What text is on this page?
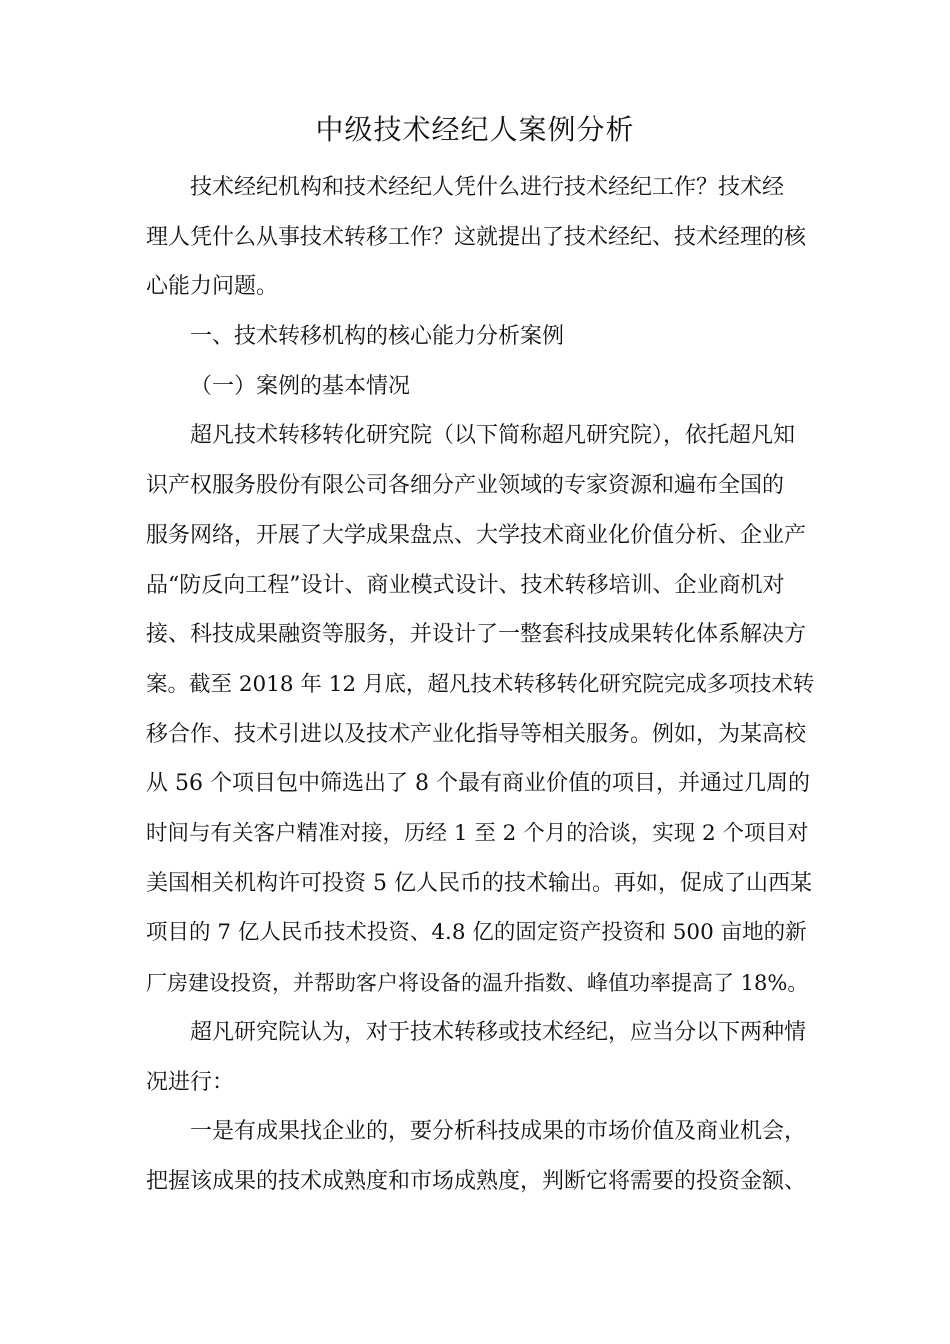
中级技术经纪人案例分析
技术经纪机构和技术经纪人凭什么进行技术经纪工作？技术经
理人凭什么从事技术转移工作？这就提出了技术经纪、技术经理的核
心能力问题。
一、技术转移机构的核心能力分析案例
（一）案例的基本情况
超凡技术转移转化研究院（以下简称超凡研究院），依托超凡知
识产权服务股份有限公司各细分产业领域的专家资源和遍布全国的
服务网络，开展了大学成果盘点、大学技术商业化价值分析、企业产
品“防反向工程”设计、商业模式设计、技术转移培训、企业商机对
接、科技成果融资等服务，并设计了一整套科技成果转化体系解决方
案。截至 2018 年 12 月底，超凡技术转移转化研究院完成多项技术转
移合作、技术引进以及技术产业化指导等相关服务。例如，为某高校
从 56 个项目包中筛选出了 8 个最有商业价值的项目，并通过几周的
时间与有关客户精准对接，历经 1 至 2 个月的洽谈，实现 2 个项目对
美国相关机构许可投资 5 亿人民币的技术输出。再如，促成了山西某
项目的 7 亿人民币技术投资、4.8 亿的固定资产投资和 500 亩地的新
厂房建设投资，并帮助客户将设备的温升指数、峰值功率提高了 18%。
超凡研究院认为，对于技术转移或技术经纪，应当分以下两种情
况进行：
一是有成果找企业的，要分析科技成果的市场价值及商业机会，
把握该成果的技术成熟度和市场成熟度，判断它将需要的投资金额、
